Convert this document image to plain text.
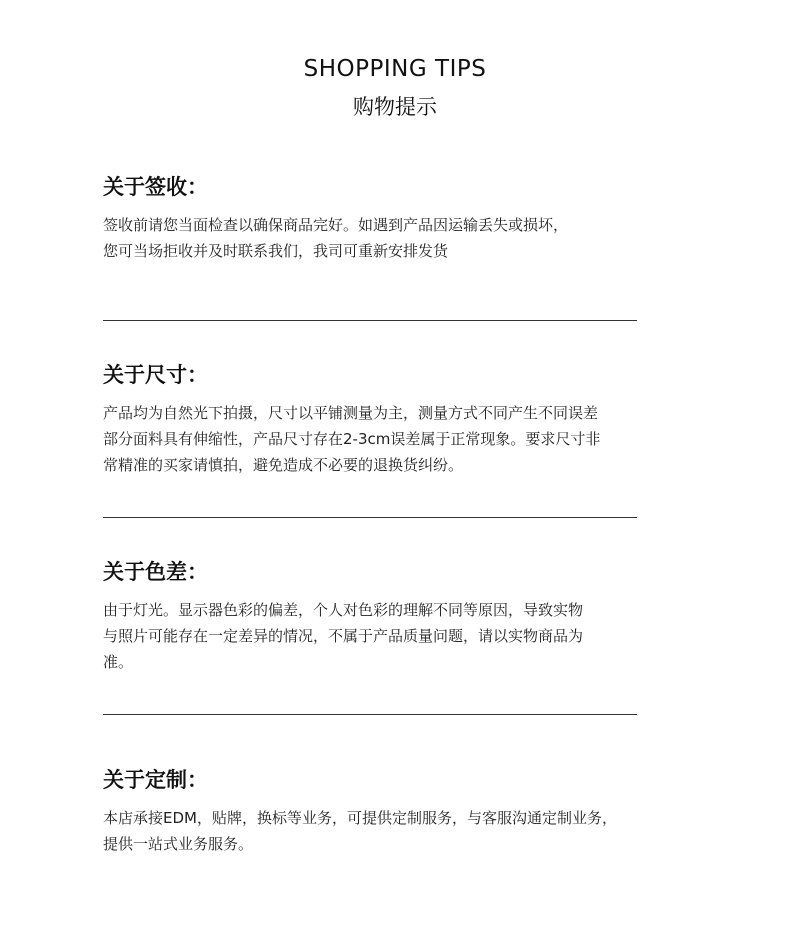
SHOPPING TIPS
购物提示
关于签收：
签收前请您当面检查以确保商品完好。如遇到产品因运输丢失或损坏，
您可当场拒收并及时联系我们，我司可重新安排发货
关于尺寸：
产品均为自然光下拍摄，尺寸以平铺测量为主，测量方式不同产生不同误差
部分面料具有伸缩性，产品尺寸存在2-3cm误差属于正常现象。要求尺寸非
常精准的买家请慎拍，避免造成不必要的退换货纠纷。
关于色差：
由于灯光。显示器色彩的偏差，个人对色彩的理解不同等原因，导致实物
与照片可能存在一定差异的情况，不属于产品质量问题，请以实物商品为
准。
关于定制：
本店承接EDM，贴牌，换标等业务，可提供定制服务，与客服沟通定制业务，
提供一站式业务服务。
